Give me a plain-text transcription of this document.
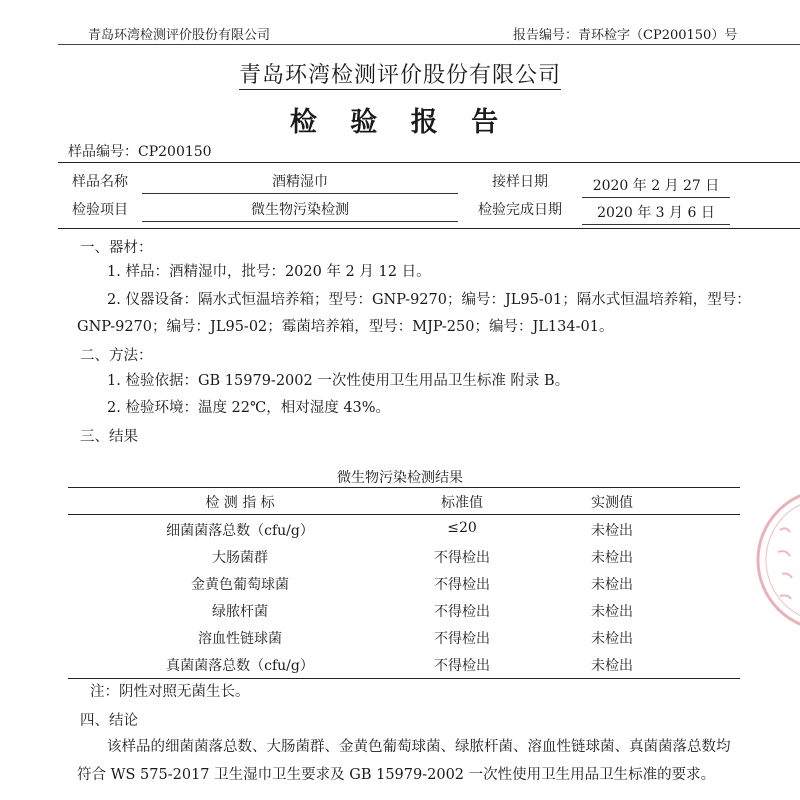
青岛环湾检测评价股份有限公司	报告编号：青环检字（CP200150）号
青岛环湾检测评价股份有限公司
检 验 报 告
样品编号：CP200150
样品名称	酒精湿巾	接样日期	2020 年 2 月 27 日
检验项目	微生物污染检测	检验完成日期	2020 年 3 月 6 日
一、器材：
1. 样品：酒精湿巾，批号：2020 年 2 月 12 日。
2. 仪器设备：隔水式恒温培养箱；型号：GNP-9270；编号：JL95-01；隔水式恒温培养箱，型号：
GNP-9270；编号：JL95-02；霉菌培养箱，型号：MJP-250；编号：JL134-01。
二、方法：
1. 检验依据：GB 15979-2002 一次性使用卫生用品卫生标准 附录 B。
2. 检验环境：温度 22℃，相对湿度 43%。
三、结果
微生物污染检测结果
检 测 指 标	标准值	实测值
细菌菌落总数（cfu/g）	≤20	未检出
大肠菌群	不得检出	未检出
金黄色葡萄球菌	不得检出	未检出
绿脓杆菌	不得检出	未检出
溶血性链球菌	不得检出	未检出
真菌菌落总数（cfu/g）	不得检出	未检出
注：阴性对照无菌生长。
四、结论
该样品的细菌菌落总数、大肠菌群、金黄色葡萄球菌、绿脓杆菌、溶血性链球菌、真菌菌落总数均
符合 WS 575-2017 卫生湿巾卫生要求及 GB 15979-2002 一次性使用卫生用品卫生标准的要求。
